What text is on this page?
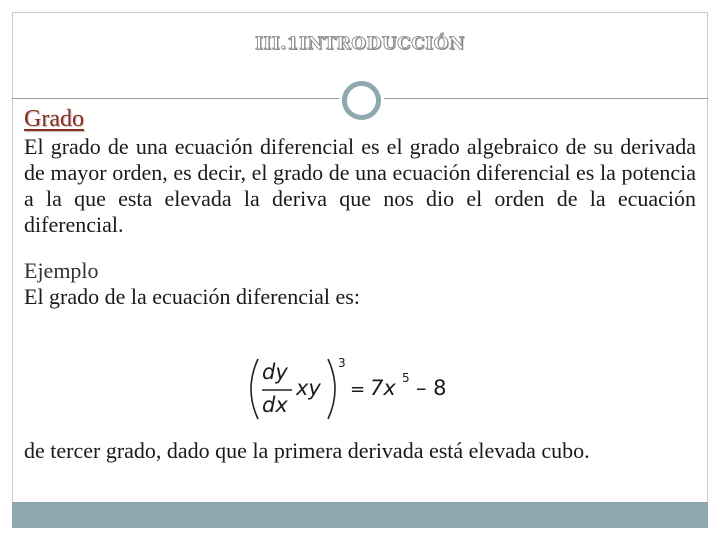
III.1INTRODUCCIÓN
Grado

El grado de una ecuación diferencial es el grado algebraico de su derivada de mayor orden, es decir, el grado de una ecuación diferencial es la potencia a la que esta elevada la deriva que nos dio el orden de la ecuación diferencial.

Ejemplo
El grado de la ecuación diferencial es:
dy
dx
xy
3
= 7x 5 – 8
de tercer grado, dado que la primera derivada está elevada cubo.
